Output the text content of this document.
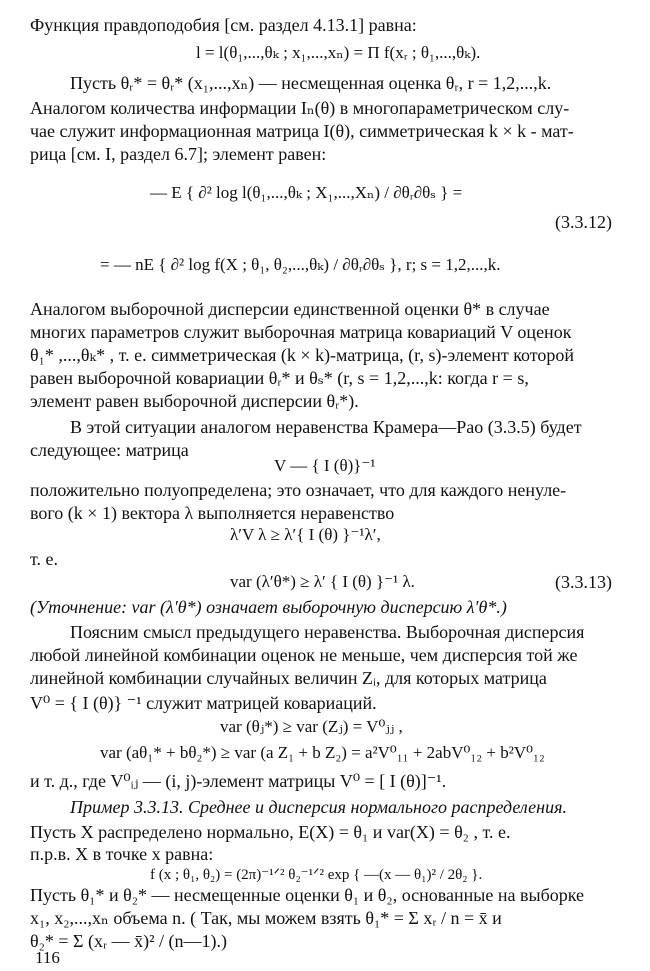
Функция правдоподобия [см. раздел 4.13.1] равна:
l = l(θ₁,...,θₖ ; x₁,...,xₙ) = Π f(xᵣ ; θ₁,...,θₖ).
Пусть θᵣ* = θᵣ* (x₁,...,xₙ) — несмещенная оценка θᵣ, r = 1,2,...,k.
Аналогом количества информации Iₙ(θ) в многопараметрическом слу-
чае служит информационная матрица I(θ), симметрическая k × k - мат-
рица [см. I, раздел 6.7]; элемент равен:
— E { ∂² log l(θ₁,...,θₖ ; X₁,...,Xₙ) / ∂θᵣ∂θₛ } =
(3.3.12)
= — nE { ∂² log f(X ; θ₁, θ₂,...,θₖ) / ∂θᵣ∂θₛ }, r; s = 1,2,...,k.
Аналогом выборочной дисперсии единственной оценки θ* в случае
многих параметров служит выборочная матрица ковариаций V оценок
θ₁* ,...,θₖ* , т. е. симметрическая (k × k)-матрица, (r, s)-элемент которой
равен выборочной ковариации θᵣ* и θₛ* (r, s = 1,2,...,k: когда r = s,
элемент равен выборочной дисперсии θᵣ*).
В этой ситуации аналогом неравенства Крамера—Рао (3.3.5) будет
следующее: матрица
V — { I (θ)}⁻¹
положительно полуопределена; это означает, что для каждого ненуле-
вого (k × 1) вектора λ выполняется неравенство
λ′V λ ≥ λ′{ I (θ) }⁻¹λ′,
т. е.
var (λ′θ*) ≥ λ′ { I (θ) }⁻¹ λ.	(3.3.13)
(Уточнение: var (λ′θ*) означает выборочную дисперсию λ′θ*.)
Поясним смысл предыдущего неравенства. Выборочная дисперсия
любой линейной комбинации оценок не меньше, чем дисперсия той же
линейной комбинации случайных величин Zᵢ, для которых матрица
V⁰ = { I (θ)} ⁻¹ служит матрицей ковариаций.
var (θⱼ*) ≥ var (Zⱼ) = V⁰ⱼⱼ ,
var (aθ₁* + bθ₂*) ≥ var (a Z₁ + b Z₂) = a²V⁰₁₁ + 2abV⁰₁₂ + b²V⁰₁₂
и т. д., где V⁰ᵢⱼ — (i, j)-элемент матрицы V⁰ = [ I (θ)]⁻¹.
Пример 3.3.13. Среднее и дисперсия нормального распределения.
Пусть X распределено нормально, E(X) = θ₁ и var(X) = θ₂ , т. е.
п.р.в. X в точке x равна:
f (x ; θ₁, θ₂) = (2π)⁻¹ᐟ² θ₂⁻¹ᐟ² exp { —(x — θ₁)² / 2θ₂ }.
Пусть θ₁* и θ₂* — несмещенные оценки θ₁ и θ₂, основанные на выборке
x₁, x₂,...,xₙ объема n. ( Так, мы можем взять θ₁* = Σ xᵣ / n = x̄ и
θ₂* = Σ (xᵣ — x̄)² / (n—1).)
116
